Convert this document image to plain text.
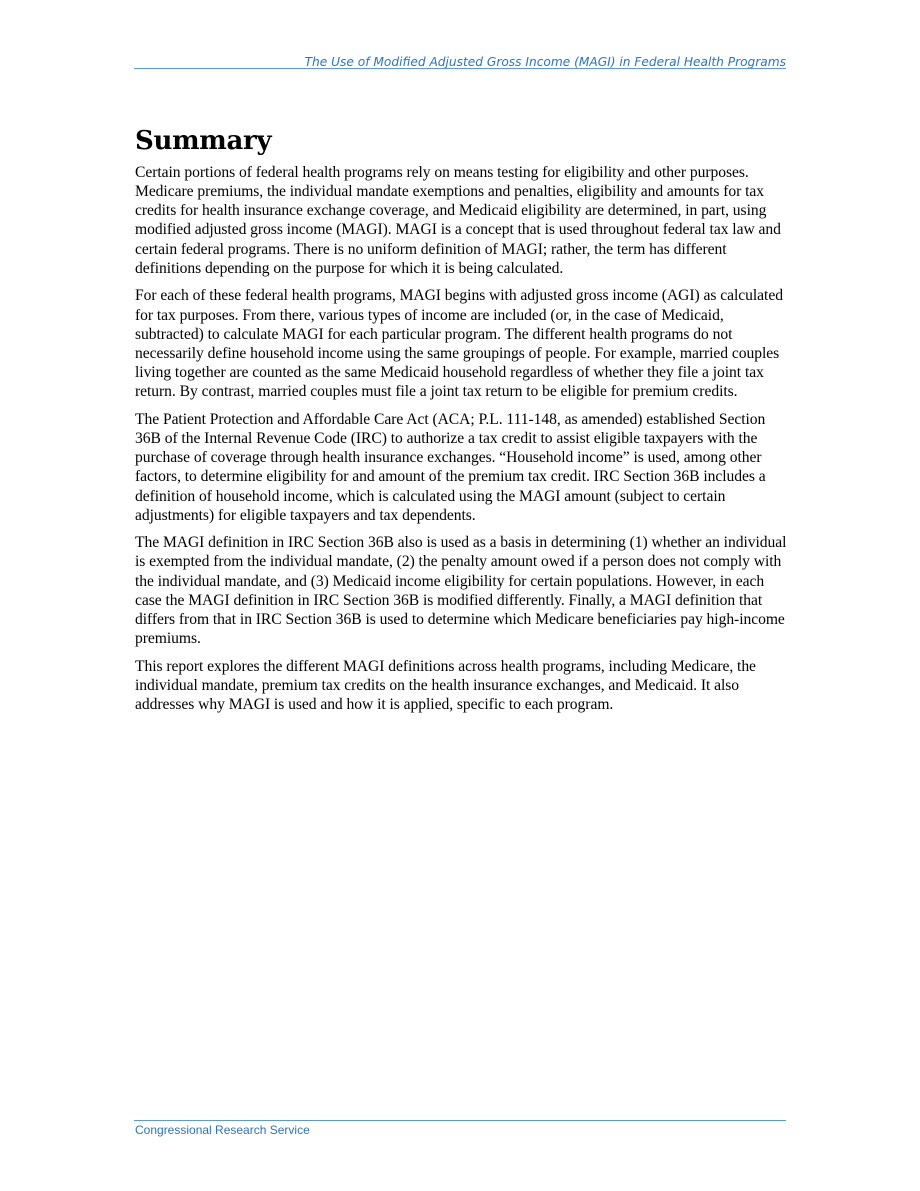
The Use of Modified Adjusted Gross Income (MAGI) in Federal Health Programs
Summary

Certain portions of federal health programs rely on means testing for eligibility and other purposes. Medicare premiums, the individual mandate exemptions and penalties, eligibility and amounts for tax credits for health insurance exchange coverage, and Medicaid eligibility are determined, in part, using modified adjusted gross income (MAGI). MAGI is a concept that is used throughout federal tax law and certain federal programs. There is no uniform definition of MAGI; rather, the term has different definitions depending on the purpose for which it is being calculated.

For each of these federal health programs, MAGI begins with adjusted gross income (AGI) as calculated for tax purposes. From there, various types of income are included (or, in the case of Medicaid, subtracted) to calculate MAGI for each particular program. The different health programs do not necessarily define household income using the same groupings of people. For example, married couples living together are counted as the same Medicaid household regardless of whether they file a joint tax return. By contrast, married couples must file a joint tax return to be eligible for premium credits.

The Patient Protection and Affordable Care Act (ACA; P.L. 111-148, as amended) established Section 36B of the Internal Revenue Code (IRC) to authorize a tax credit to assist eligible taxpayers with the purchase of coverage through health insurance exchanges. “Household income” is used, among other factors, to determine eligibility for and amount of the premium tax credit. IRC Section 36B includes a definition of household income, which is calculated using the MAGI amount (subject to certain adjustments) for eligible taxpayers and tax dependents.

The MAGI definition in IRC Section 36B also is used as a basis in determining (1) whether an individual is exempted from the individual mandate, (2) the penalty amount owed if a person does not comply with the individual mandate, and (3) Medicaid income eligibility for certain populations. However, in each case the MAGI definition in IRC Section 36B is modified differently. Finally, a MAGI definition that differs from that in IRC Section 36B is used to determine which Medicare beneficiaries pay high-income premiums.

This report explores the different MAGI definitions across health programs, including Medicare, the individual mandate, premium tax credits on the health insurance exchanges, and Medicaid. It also addresses why MAGI is used and how it is applied, specific to each program.

Congressional Research Service
